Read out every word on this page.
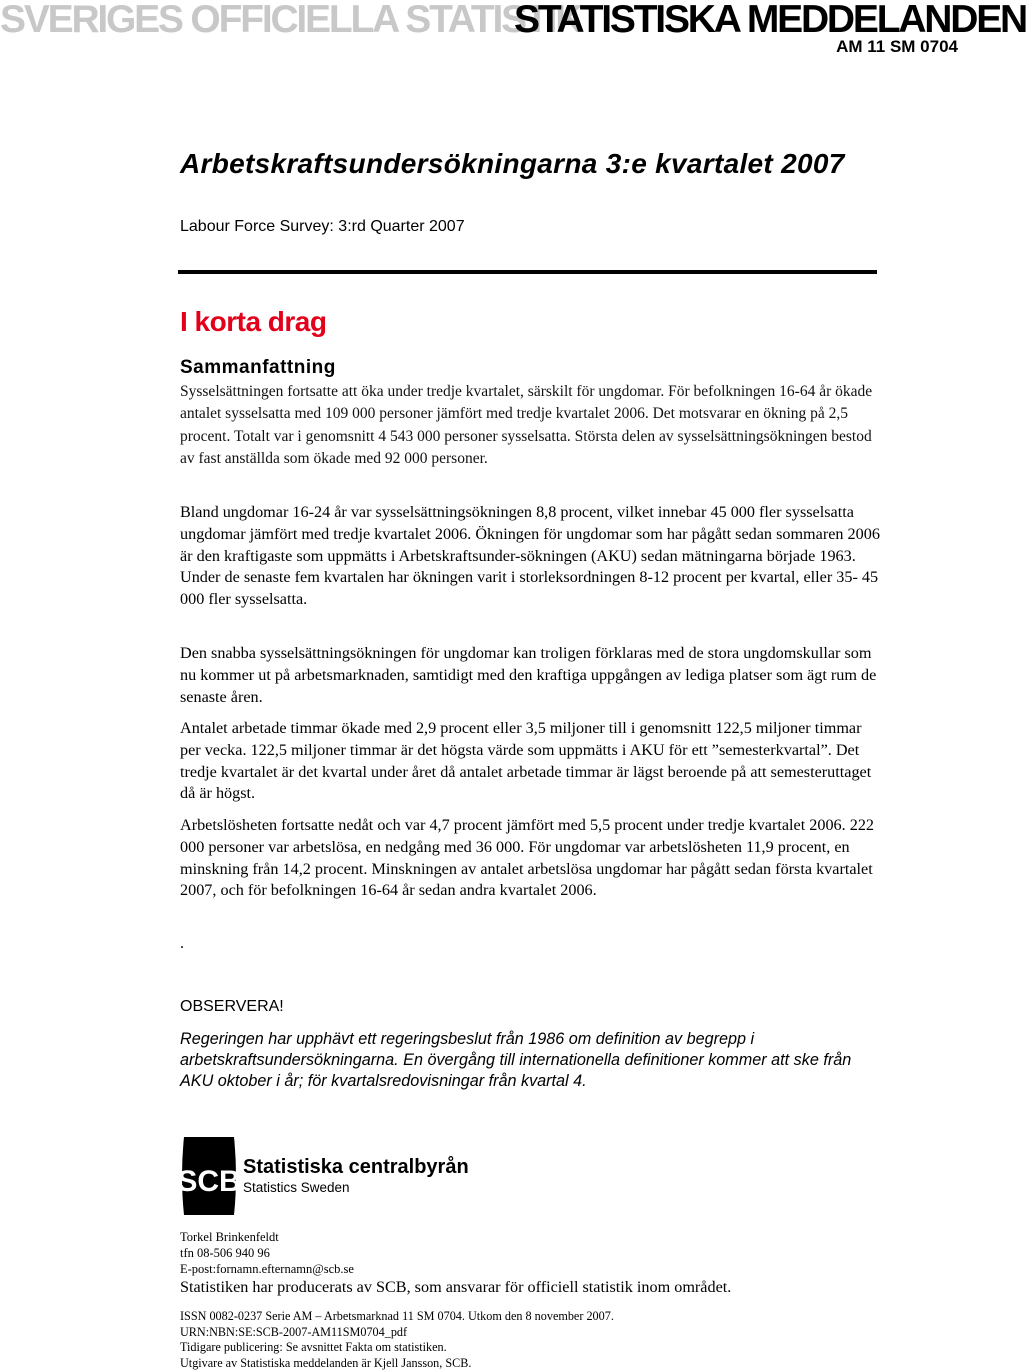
SVERIGES OFFICIELLA STATISTIK
STATISTISKA MEDDELANDEN
AM 11 SM 0704
Arbetskraftsundersökningarna 3:e kvartalet 2007
Labour Force Survey: 3:rd Quarter 2007
I korta drag
Sammanfattning
Sysselsättningen fortsatte att öka under tredje kvartalet, särskilt för ungdomar. För befolkningen 16-64 år ökade antalet sysselsatta med 109 000 personer jämfört med tredje kvartalet 2006. Det motsvarar en ökning på 2,5 procent. Totalt var i genomsnitt 4 543 000 personer sysselsatta. Största delen av sysselsättningsökningen bestod av fast anställda som ökade med 92 000 personer.

Bland ungdomar 16-24 år var sysselsättningsökningen 8,8 procent, vilket innebar 45 000 fler sysselsatta ungdomar jämfört med tredje kvartalet 2006. Ökningen för ungdomar som har pågått sedan sommaren 2006 är den kraftigaste som uppmätts i Arbetskraftsunder-sökningen (AKU) sedan mätningarna började 1963. Under de senaste fem kvartalen har ökningen varit i storleksordningen 8-12 procent per kvartal, eller 35- 45 000 fler sysselsatta.

Den snabba sysselsättningsökningen för ungdomar kan troligen förklaras med de stora ungdomskullar som nu kommer ut på arbetsmarknaden, samtidigt med den kraftiga uppgången av lediga platser som ägt rum de senaste åren.

Antalet arbetade timmar ökade med 2,9 procent eller 3,5 miljoner till i genomsnitt 122,5 miljoner timmar per vecka. 122,5 miljoner timmar är det högsta värde som uppmätts i AKU för ett ”semesterkvartal”. Det tredje kvartalet är det kvartal under året då antalet arbetade timmar är lägst beroende på att semesteruttaget då är högst.

Arbetslösheten fortsatte nedåt och var 4,7 procent jämfört med 5,5 procent under tredje kvartalet 2006. 222 000 personer var arbetslösa, en nedgång med 36 000. För ungdomar var arbetslösheten 11,9 procent, en minskning från 14,2 procent. Minskningen av antalet arbetslösa ungdomar har pågått sedan första kvartalet 2007, och för befolkningen 16-64 år sedan andra kvartalet 2006.

.
OBSERVERA!
Regeringen har upphävt ett regeringsbeslut från 1986 om definition av begrepp i arbetskraftsundersökningarna. En övergång till internationella definitioner kommer att ske från AKU oktober i år; för kvartalsredovisningar från kvartal 4.
SCB Statistiska centralbyrån
Statistics Sweden
Torkel Brinkenfeldt
tfn 08-506 940 96
E-post:fornamn.efternamn@scb.se
Statistiken har producerats av SCB, som ansvarar för officiell statistik inom området.
ISSN 0082-0237 Serie AM – Arbetsmarknad 11 SM 0704. Utkom den 8 november 2007.
URN:NBN:SE:SCB-2007-AM11SM0704_pdf
Tidigare publicering: Se avsnittet Fakta om statistiken.
Utgivare av Statistiska meddelanden är Kjell Jansson, SCB.
